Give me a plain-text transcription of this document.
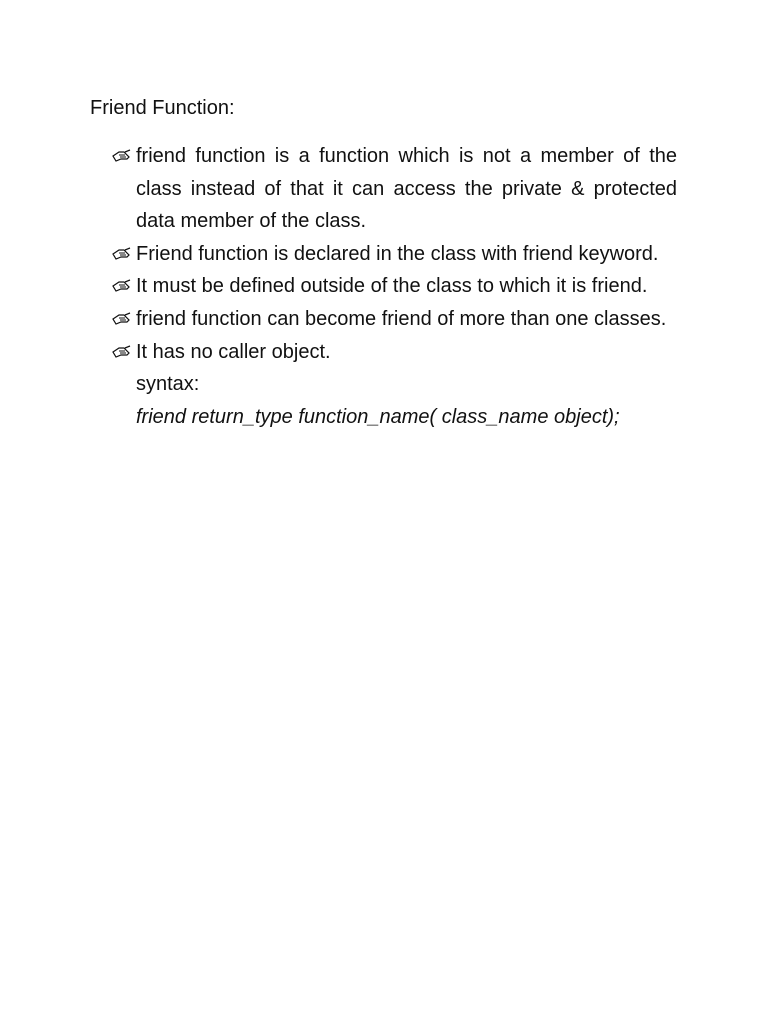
Friend Function:
friend function is a function which is not a member of the class instead of that it can access the private & protected data member of the class.
Friend function is declared in the class with friend keyword.
It must be defined outside of the class to which it is friend.
friend function can become friend of more than one classes.
It has no caller object.
syntax:
friend return_type function_name( class_name object);
